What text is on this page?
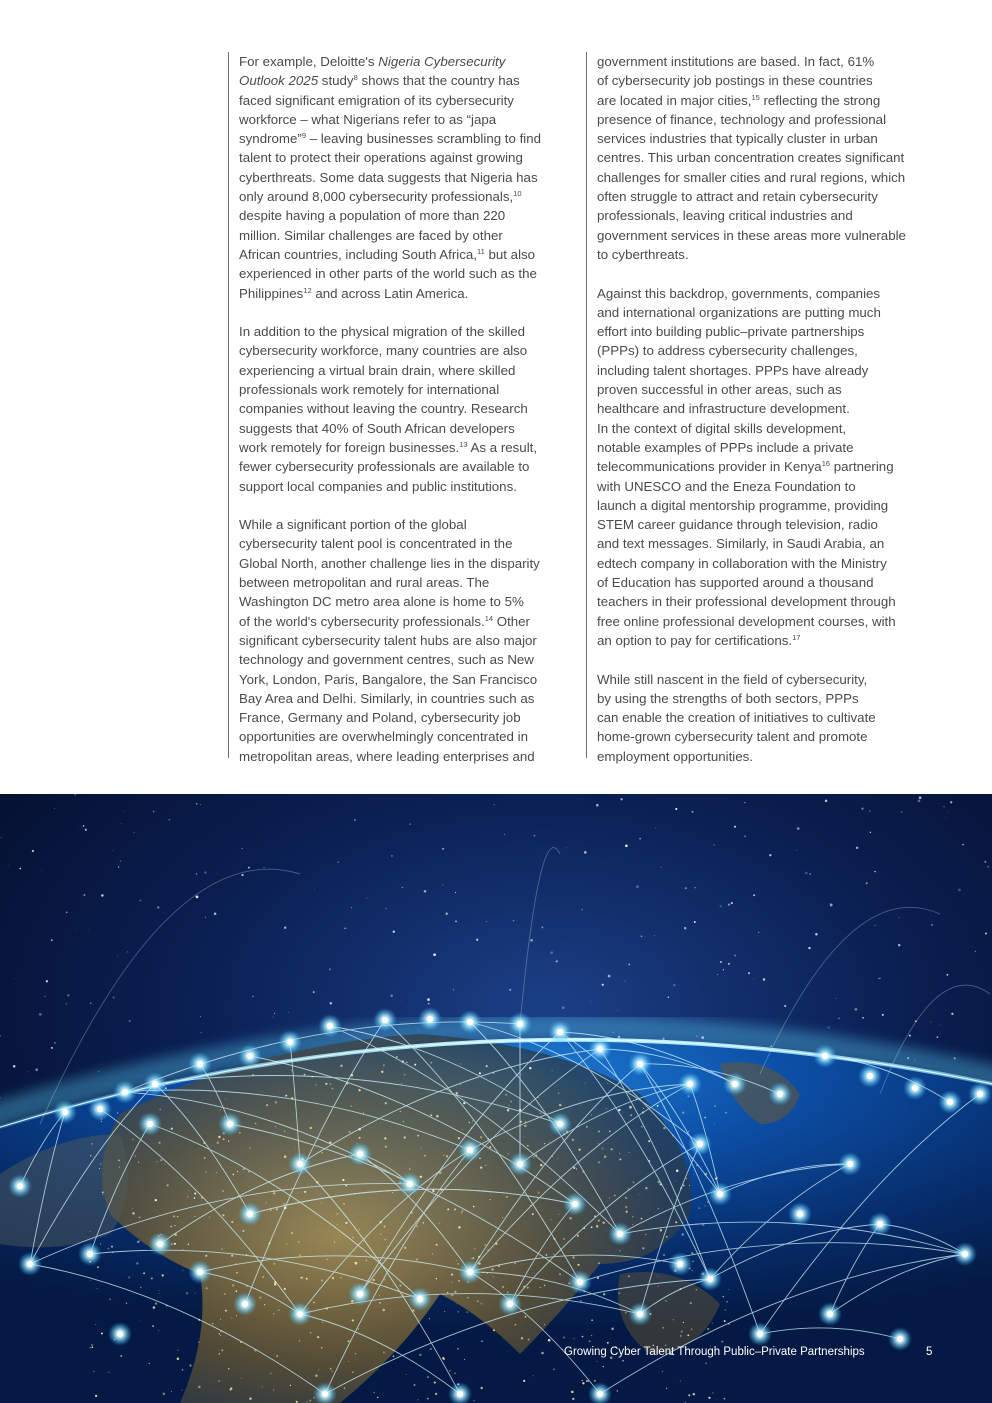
For example, Deloitte's Nigeria Cybersecurity
Outlook 2025 study$^8$ shows that the country has
faced significant emigration of its cybersecurity
workforce – what Nigerians refer to as “japa
syndrome”$^9$ – leaving businesses scrambling to find
talent to protect their operations against growing
cyberthreats. Some data suggests that Nigeria has
only around 8,000 cybersecurity professionals,$^{10}$
despite having a population of more than 220
million. Similar challenges are faced by other
African countries, including South Africa,$^{11}$ but also
experienced in other parts of the world such as the
Philippines$^{12}$ and across Latin America.
In addition to the physical migration of the skilled
cybersecurity workforce, many countries are also
experiencing a virtual brain drain, where skilled
professionals work remotely for international
companies without leaving the country. Research
suggests that 40% of South African developers
work remotely for foreign businesses.$^{13}$ As a result,
fewer cybersecurity professionals are available to
support local companies and public institutions.
While a significant portion of the global
cybersecurity talent pool is concentrated in the
Global North, another challenge lies in the disparity
between metropolitan and rural areas. The
Washington DC metro area alone is home to 5%
of the world's cybersecurity professionals.$^{14}$ Other
significant cybersecurity talent hubs are also major
technology and government centres, such as New
York, London, Paris, Bangalore, the San Francisco
Bay Area and Delhi. Similarly, in countries such as
France, Germany and Poland, cybersecurity job
opportunities are overwhelmingly concentrated in
metropolitan areas, where leading enterprises and
government institutions are based. In fact, 61%
of cybersecurity job postings in these countries
are located in major cities,$^{15}$ reflecting the strong
presence of finance, technology and professional
services industries that typically cluster in urban
centres. This urban concentration creates significant
challenges for smaller cities and rural regions, which
often struggle to attract and retain cybersecurity
professionals, leaving critical industries and
government services in these areas more vulnerable
to cyberthreats.
Against this backdrop, governments, companies
and international organizations are putting much
effort into building public–private partnerships
(PPPs) to address cybersecurity challenges,
including talent shortages. PPPs have already
proven successful in other areas, such as
healthcare and infrastructure development.
In the context of digital skills development,
notable examples of PPPs include a private
telecommunications provider in Kenya$^{16}$ partnering
with UNESCO and the Eneza Foundation to
launch a digital mentorship programme, providing
STEM career guidance through television, radio
and text messages. Similarly, in Saudi Arabia, an
edtech company in collaboration with the Ministry
of Education has supported around a thousand
teachers in their professional development through
free online professional development courses, with
an option to pay for certifications.$^{17}$
While still nascent in the field of cybersecurity,
by using the strengths of both sectors, PPPs
can enable the creation of initiatives to cultivate
home-grown cybersecurity talent and promote
employment opportunities.
Growing Cyber Talent Through Public–Private Partnerships	5
